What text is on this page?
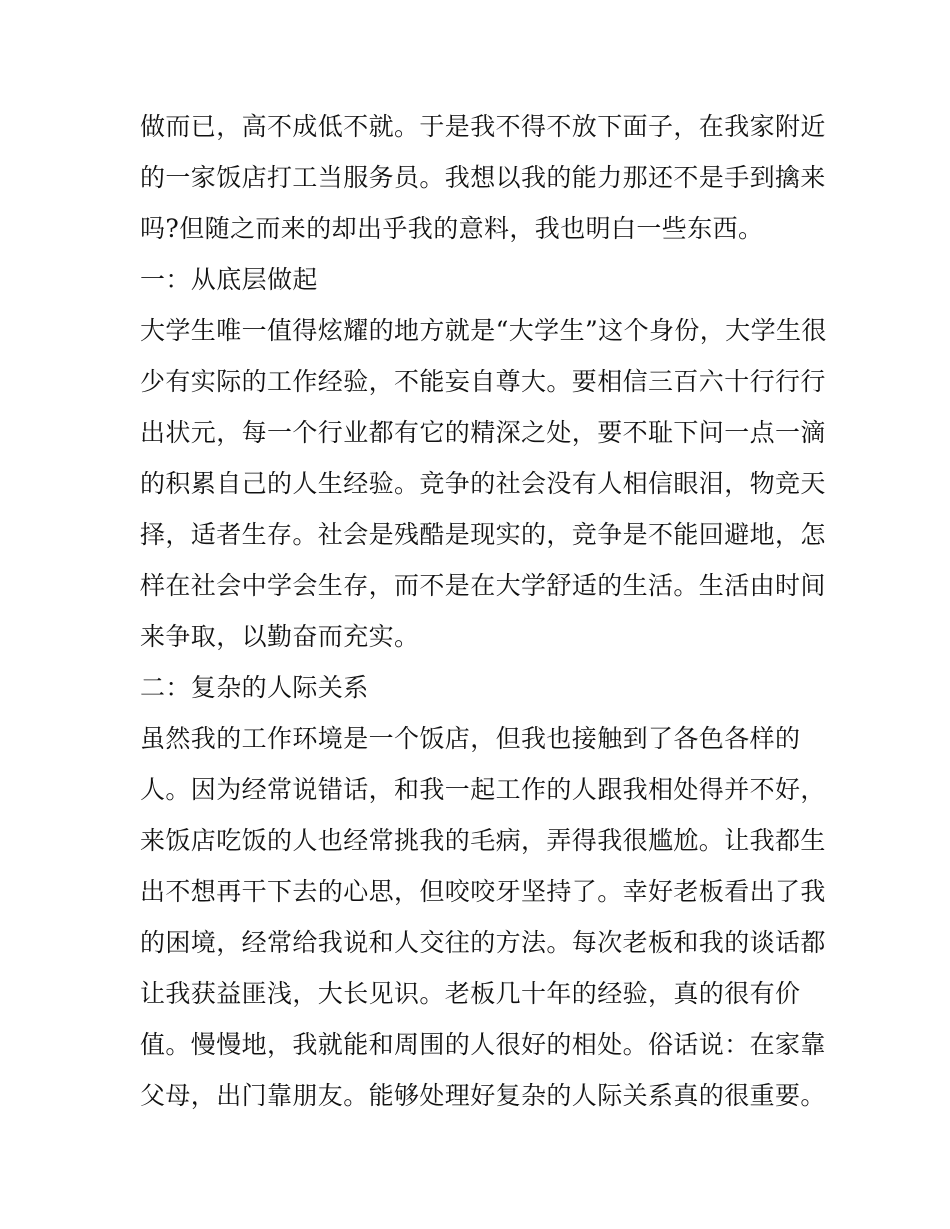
做而已，高不成低不就。于是我不得不放下面子，在我家附近
的一家饭店打工当服务员。我想以我的能力那还不是手到擒来
吗?但随之而来的却出乎我的意料，我也明白一些东西。
一：从底层做起
大学生唯一值得炫耀的地方就是“大学生”这个身份，大学生很
少有实际的工作经验，不能妄自尊大。要相信三百六十行行行
出状元，每一个行业都有它的精深之处，要不耻下问一点一滴
的积累自己的人生经验。竞争的社会没有人相信眼泪，物竞天
择，适者生存。社会是残酷是现实的，竞争是不能回避地，怎
样在社会中学会生存，而不是在大学舒适的生活。生活由时间
来争取，以勤奋而充实。
二：复杂的人际关系
虽然我的工作环境是一个饭店，但我也接触到了各色各样的
人。因为经常说错话，和我一起工作的人跟我相处得并不好，
来饭店吃饭的人也经常挑我的毛病，弄得我很尴尬。让我都生
出不想再干下去的心思，但咬咬牙坚持了。幸好老板看出了我
的困境，经常给我说和人交往的方法。每次老板和我的谈话都
让我获益匪浅，大长见识。老板几十年的经验，真的很有价
值。慢慢地，我就能和周围的人很好的相处。俗话说：在家靠
父母，出门靠朋友。能够处理好复杂的人际关系真的很重要。
